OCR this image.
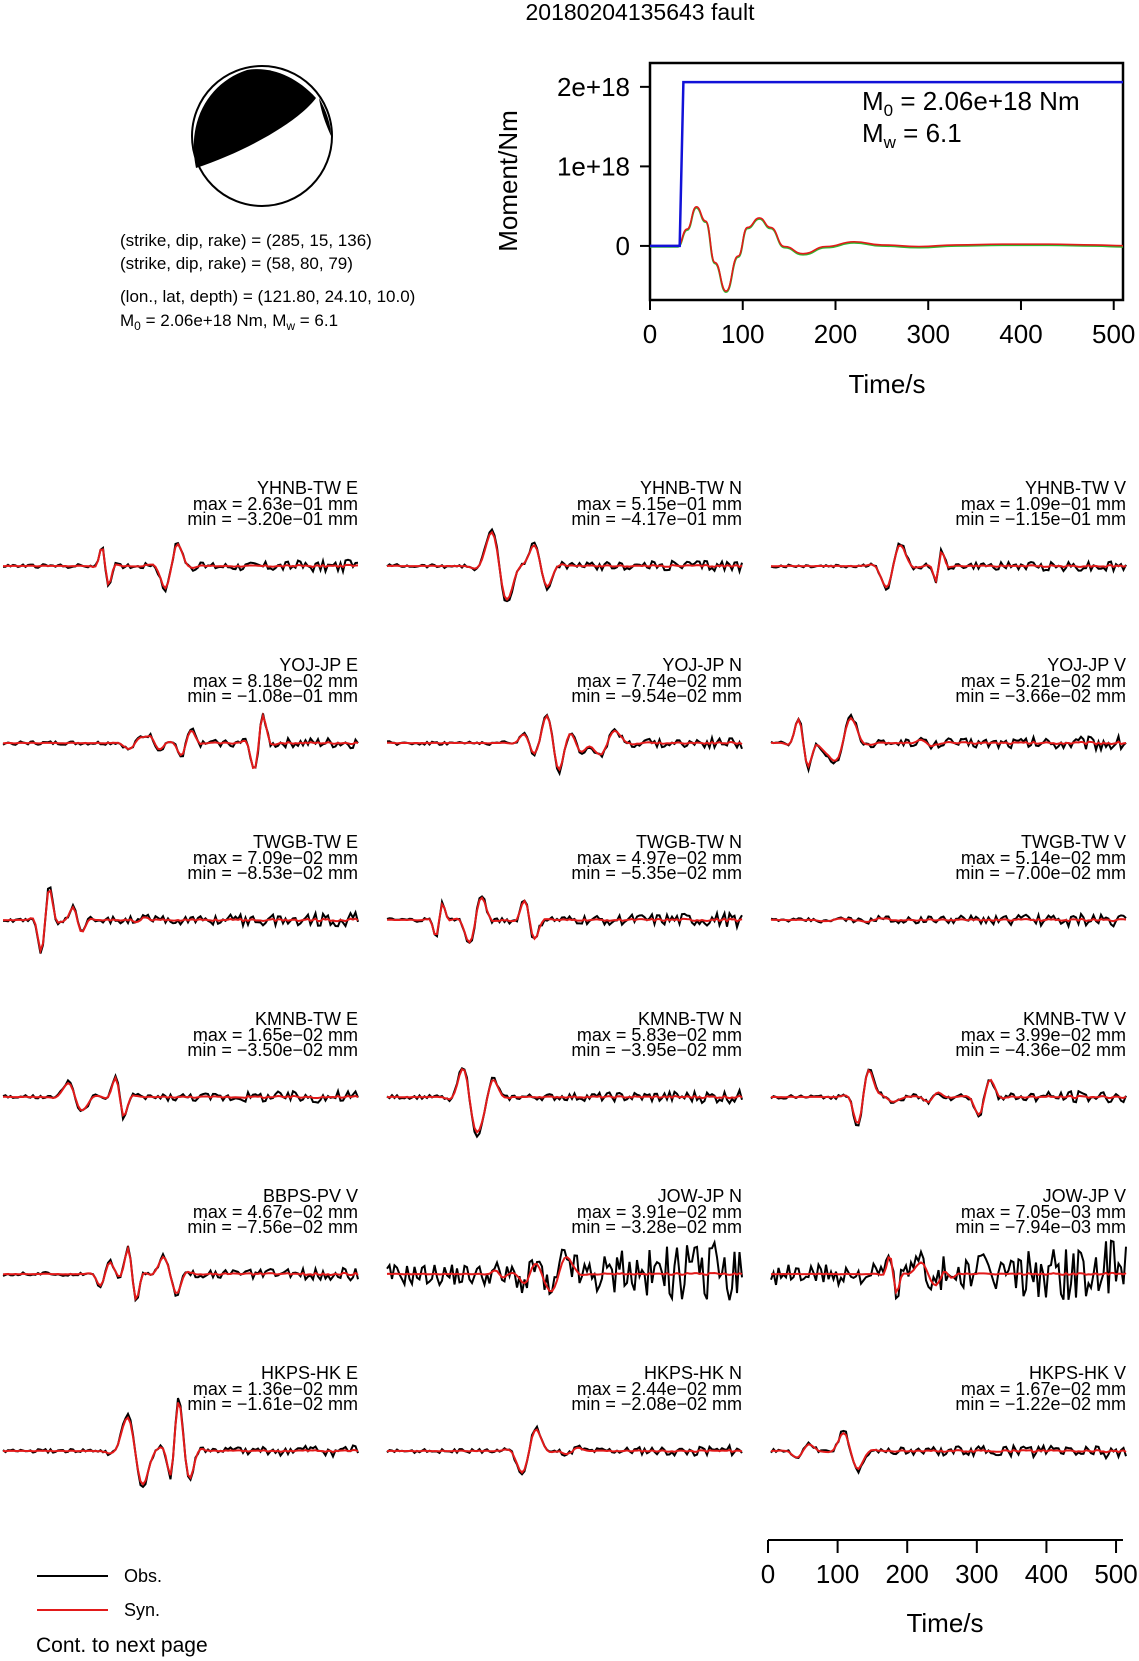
20180204135643 fault
(strike, dip, rake) = (285, 15, 136)
(strike, dip, rake) = (58, 80, 79)
(lon., lat, depth) = (121.80, 24.10, 10.0)
$M_0 = 2.06e+18$ Nm, $M_w = 6.1$
0
1e+18
2e+18
0 100 200 300 400 500
Moment/Nm
Time/s
$M_0 = 2.06e+18$ Nm
$M_w = 6.1$
YHNB-TW E
max = 2.63e−01 mm
min = −3.20e−01 mm
YHNB-TW N
max = 5.15e−01 mm
min = −4.17e−01 mm
YHNB-TW V
max = 1.09e−01 mm
min = −1.15e−01 mm
YOJ-JP E
max = 8.18e−02 mm
min = −1.08e−01 mm
YOJ-JP N
max = 7.74e−02 mm
min = −9.54e−02 mm
YOJ-JP V
max = 5.21e−02 mm
min = −3.66e−02 mm
TWGB-TW E
max = 7.09e−02 mm
min = −8.53e−02 mm
TWGB-TW N
max = 4.97e−02 mm
min = −5.35e−02 mm
TWGB-TW V
max = 5.14e−02 mm
min = −7.00e−02 mm
KMNB-TW E
max = 1.65e−02 mm
min = −3.50e−02 mm
KMNB-TW N
max = 5.83e−02 mm
min = −3.95e−02 mm
KMNB-TW V
max = 3.99e−02 mm
min = −4.36e−02 mm
BBPS-PV V
max = 4.67e−02 mm
min = −7.56e−02 mm
JOW-JP N
max = 3.91e−02 mm
min = −3.28e−02 mm
JOW-JP V
max = 7.05e−03 mm
min = −7.94e−03 mm
HKPS-HK E
max = 1.36e−02 mm
min = −1.61e−02 mm
HKPS-HK N
max = 2.44e−02 mm
min = −2.08e−02 mm
HKPS-HK V
max = 1.67e−02 mm
min = −1.22e−02 mm
Time/s
0 100 200 300 400 500
Obs.
Syn.
Cont. to next page
